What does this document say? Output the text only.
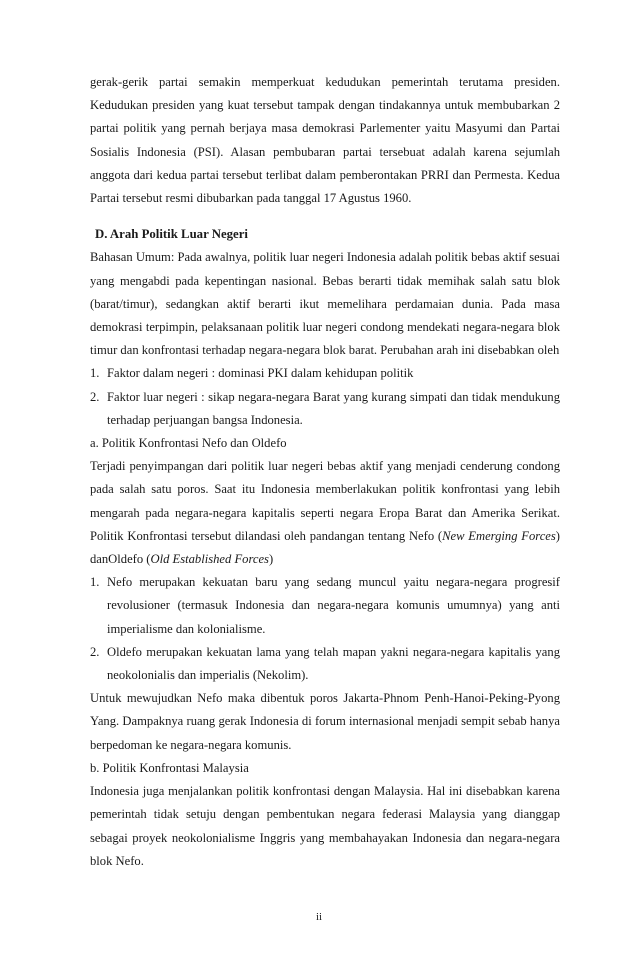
gerak-gerik partai semakin memperkuat kedudukan pemerintah terutama presiden. Kedudukan presiden yang kuat tersebut tampak dengan tindakannya untuk membubarkan 2 partai politik yang pernah berjaya masa demokrasi Parlementer yaitu Masyumi dan Partai Sosialis Indonesia (PSI). Alasan pembubaran partai tersebuat adalah karena sejumlah anggota dari kedua partai tersebut terlibat dalam pemberontakan PRRI dan Permesta. Kedua Partai tersebut resmi dibubarkan pada tanggal 17 Agustus 1960.

D. Arah Politik Luar Negeri

Bahasan Umum: Pada awalnya, politik luar negeri Indonesia adalah politik bebas aktif sesuai yang mengabdi pada kepentingan nasional. Bebas berarti tidak memihak salah satu blok (barat/timur), sedangkan aktif berarti ikut memelihara perdamaian dunia. Pada masa demokrasi terpimpin, pelaksanaan politik luar negeri condong mendekati negara-negara blok timur dan konfrontasi terhadap negara-negara blok barat. Perubahan arah ini disebabkan oleh

1. Faktor dalam negeri : dominasi PKI dalam kehidupan politik
2. Faktor luar negeri : sikap negara-negara Barat yang kurang simpati dan tidak mendukung terhadap perjuangan bangsa Indonesia.

a. Politik Konfrontasi Nefo dan Oldefo

Terjadi penyimpangan dari politik luar negeri bebas aktif yang menjadi cenderung condong pada salah satu poros. Saat itu Indonesia memberlakukan politik konfrontasi yang lebih mengarah pada negara-negara kapitalis seperti negara Eropa Barat dan Amerika Serikat. Politik Konfrontasi tersebut dilandasi oleh pandangan tentang Nefo (New Emerging Forces) danOldefo (Old Established Forces)

1. Nefo merupakan kekuatan baru yang sedang muncul yaitu negara-negara progresif revolusioner (termasuk Indonesia dan negara-negara komunis umumnya) yang anti imperialisme dan kolonialisme.
2. Oldefo merupakan kekuatan lama yang telah mapan yakni negara-negara kapitalis yang neokolonialis dan imperialis (Nekolim).

Untuk mewujudkan Nefo maka dibentuk poros Jakarta-Phnom Penh-Hanoi-Peking-Pyong Yang. Dampaknya ruang gerak Indonesia di forum internasional menjadi sempit sebab hanya berpedoman ke negara-negara komunis.

b. Politik Konfrontasi Malaysia

Indonesia juga menjalankan politik konfrontasi dengan Malaysia. Hal ini disebabkan karena pemerintah tidak setuju dengan pembentukan negara federasi Malaysia yang dianggap sebagai proyek neokolonialisme Inggris yang membahayakan Indonesia dan negara-negara blok Nefo.

ii
